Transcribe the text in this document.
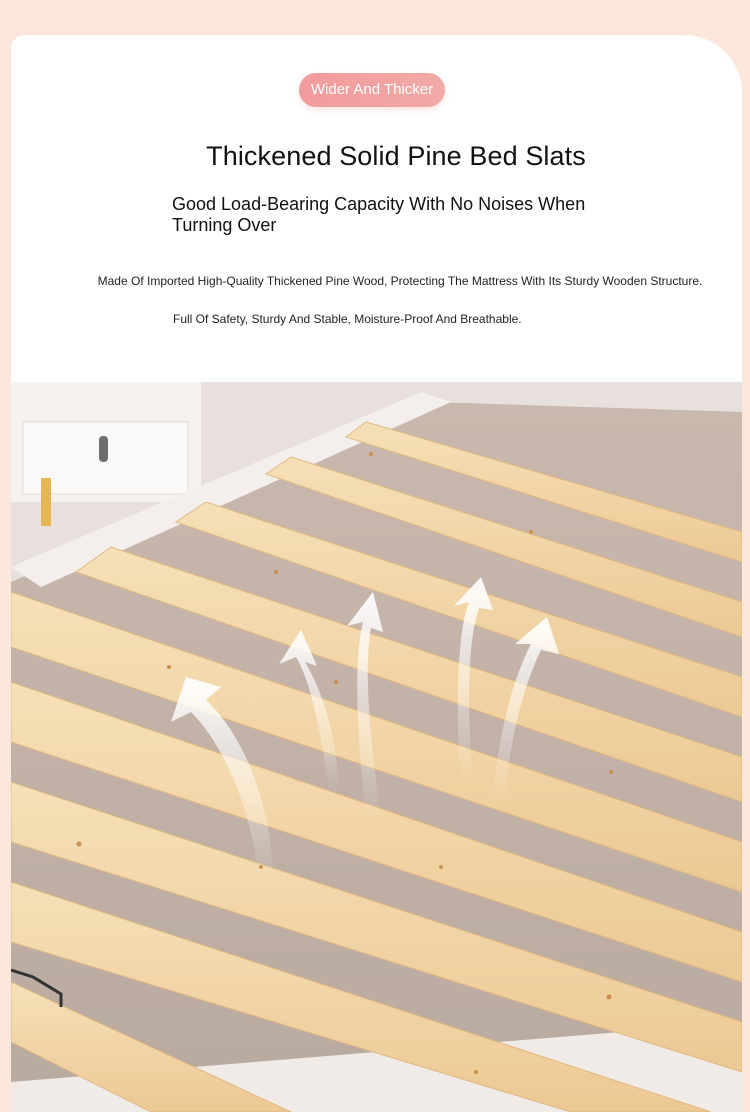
Wider And Thicker
Thickened Solid Pine Bed Slats
Good Load-Bearing Capacity With No Noises When Turning Over
Made Of Imported High-Quality Thickened Pine Wood, Protecting The Mattress With Its Sturdy Wooden Structure.
Full Of Safety, Sturdy And Stable, Moisture-Proof And Breathable.
